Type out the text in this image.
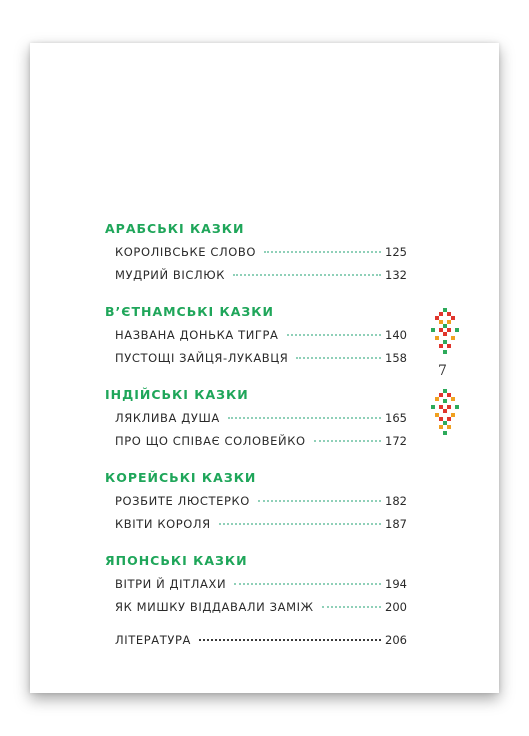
АРАБСЬКІ КАЗКИ
КОРОЛІВСЬКЕ СЛОВО	125
МУДРИЙ ВІСЛЮК	132
В’ЄТНАМСЬКІ КАЗКИ
НАЗВАНА ДОНЬКА ТИГРА	140
ПУСТОЩІ ЗАЙЦЯ-ЛУКАВЦЯ	158
ІНДІЙСЬКІ КАЗКИ
ЛЯКЛИВА ДУША	165
ПРО ЩО СПІВАЄ СОЛОВЕЙКО	172
КОРЕЙСЬКІ КАЗКИ
РОЗБИТЕ ЛЮСТЕРКО	182
КВІТИ КОРОЛЯ	187
ЯПОНСЬКІ КАЗКИ
ВІТРИ Й ДІТЛАХИ	194
ЯК МИШКУ ВІДДАВАЛИ ЗАМІЖ	200
ЛІТЕРАТУРА	206
7
